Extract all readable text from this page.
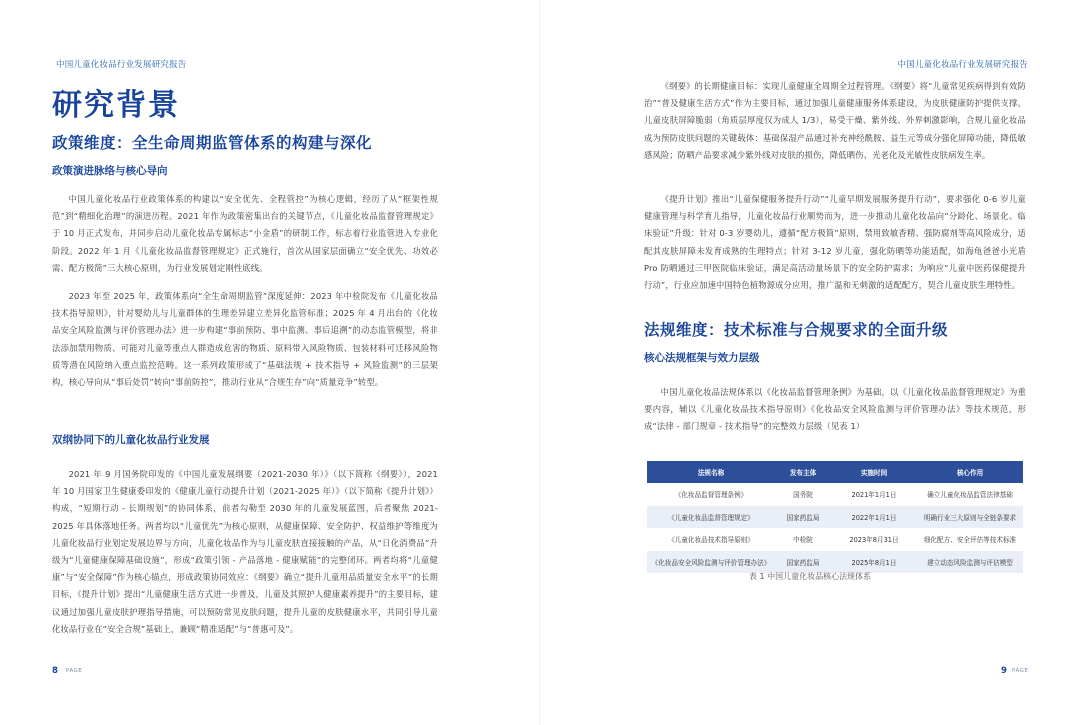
中国儿童化妆品行业发展研究报告
研究背景
政策维度：全生命周期监管体系的构建与深化
政策演进脉络与核心导向
中国儿童化妆品行业政策体系的构建以“安全优先、全程管控”为核心逻辑，经历了从“框架性规范”到“精细化治理”的演进历程。2021 年作为政策密集出台的关键节点，《儿童化妆品监督管理规定》于 10 月正式发布，并同步启动儿童化妆品专属标志“小金盾”的研制工作，标志着行业监管进入专业化阶段。2022 年 1 月《儿童化妆品监督管理规定》正式施行，首次从国家层面确立“安全优先、功效必需、配方极简”三大核心原则，为行业发展划定刚性底线。
2023 年至 2025 年，政策体系向“全生命周期监管”深度延伸：2023 年中检院发布《儿童化妆品技术指导原则》，针对婴幼儿与儿童群体的生理差异建立差异化监管标准；2025 年 4 月出台的《化妆品安全风险监测与评价管理办法》进一步构建“事前预防、事中监测、事后追溯”的动态监管模型，将非法添加禁用物质、可能对儿童等重点人群造成危害的物质、原料带入风险物质、包装材料可迁移风险物质等潜在风险纳入重点监控范畴。这一系列政策形成了“基础法规 + 技术指导 + 风险监测”的三层架构，核心导向从“事后处罚”转向“事前防控”，推动行业从“合规生存”向“质量竞争”转型。
双纲协同下的儿童化妆品行业发展
2021 年 9 月国务院印发的《中国儿童发展纲要（2021-2030 年）》（以下简称《纲要》），2021 年 10 月国家卫生健康委印发的《健康儿童行动提升计划（2021-2025 年）》（以下简称《提升计划》）构成，“短期行动 - 长期规划”的协同体系，前者勾勒至 2030 年的儿童发展蓝图，后者聚焦 2021-2025 年具体落地任务。两者均以“儿童优先”为核心原则，从健康保障、安全防护、权益维护等维度为儿童化妆品行业划定发展边界与方向，儿童化妆品作为与儿童皮肤直接接触的产品，从“日化消费品”升级为“儿童健康保障基础设施”，形成“政策引领 - 产品落地 - 健康赋能”的完整闭环。两者均将“儿童健康”与“安全保障”作为核心锚点，形成政策协同效应：《纲要》确立“提升儿童用品质量安全水平”的长期目标，《提升计划》提出“儿童健康生活方式进一步普及，儿童及其照护人健康素养提升”的主要目标，建议通过加强儿童皮肤护理指导措施，可以预防常见皮肤问题，提升儿童的皮肤健康水平，共同引导儿童化妆品行业在“安全合规”基础上，兼顾“精准适配”与“普惠可及”。
8 PAGE
中国儿童化妆品行业发展研究报告
《纲要》的长期健康目标：实现儿童健康全周期全过程管理。《纲要》将“儿童常见疾病得到有效防治”“普及健康生活方式”作为主要目标，通过加强儿童健康服务体系建设，为皮肤健康防护提供支撑。儿童皮肤屏障脆弱（角质层厚度仅为成人 1/3），易受干燥、紫外线、外界刺激影响，合规儿童化妆品成为预防皮肤问题的关键载体：基础保湿产品通过补充神经酰胺、益生元等成分强化屏障功能，降低敏感风险；防晒产品要求减少紫外线对皮肤的损伤，降低晒伤、光老化及光敏性皮肤病发生率。
《提升计划》推出“儿童保健服务提升行动”“儿童早期发展服务提升行动”，要求强化 0-6 岁儿童健康管理与科学育儿指导，儿童化妆品行业顺势而为，进一步推动儿童化妆品向“分龄化、场景化、临床验证”升级：针对 0-3 岁婴幼儿，遵循“配方极简”原则，禁用致敏香精、强防腐剂等高风险成分，适配其皮肤屏障未发育成熟的生理特点；针对 3-12 岁儿童，强化防晒等功能适配，如海龟爸爸小光盾 Pro 防晒通过三甲医院临床验证，满足高活动量场景下的安全防护需求；为响应“儿童中医药保健提升行动”，行业应加速中国特色植物源成分应用，推广温和无刺激的适配配方，契合儿童皮肤生理特性。
法规维度：技术标准与合规要求的全面升级
核心法规框架与效力层级
中国儿童化妆品法规体系以《化妆品监督管理条例》为基础，以《儿童化妆品监督管理规定》为重要内容，辅以《儿童化妆品技术指导原则》《化妆品安全风险监测与评价管理办法》等技术规范，形成“法律 - 部门规章 - 技术指导”的完整效力层级（见表 1）
法规名称	发布主体	实施时间	核心作用
《化妆品监督管理条例》	国务院	2021年1月1日	确立儿童化妆品监管法律基础
《儿童化妆品监督管理规定》	国家药监局	2022年1月1日	明确行业三大原则与全链条要求
《儿童化妆品技术指导原则》	中检院	2023年8月31日	细化配方、安全评估等技术标准
《化妆品安全风险监测与评价管理办法》	国家药监局	2025年8月1日	建立动态风险监测与评估模型
表 1 中国儿童化妆品核心法规体系
9 PAGE
